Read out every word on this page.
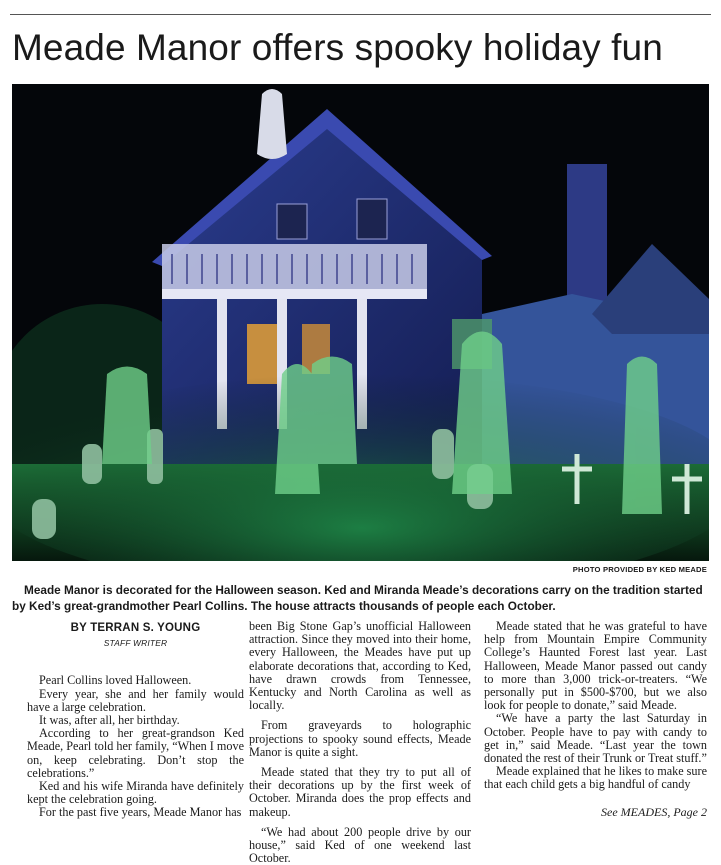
Meade Manor offers spooky holiday fun
PHOTO PROVIDED BY KED MEADE
Meade Manor is decorated for the Halloween season. Ked and Miranda Meade’s decorations carry on the tradition started by Ked’s great-grandmother Pearl Collins. The house attracts thousands of people each October.
BY TERRAN S. YOUNG
STAFF WRITER

Pearl Collins loved Halloween.

Every year, she and her family would have a large celebration.

It was, after all, her birthday.

According to her great-grandson Ked Meade, Pearl told her family, “When I move on, keep celebrating. Don’t stop the celebrations.”

Ked and his wife Miranda have definitely kept the celebration going.

For the past five years, Meade Manor has

been Big Stone Gap’s unofficial Halloween attraction. Since they moved into their home, every Halloween, the Meades have put up elaborate decorations that, according to Ked, have drawn crowds from Tennessee, Kentucky and North Carolina as well as locally.

From graveyards to holographic projections to spooky sound effects, Meade Manor is quite a sight.

Meade stated that they try to put all of their decorations up by the first week of October. Miranda does the prop effects and makeup.

“We had about 200 people drive by our house,” said Ked of one weekend last October.

Meade stated that he was grateful to have help from Mountain Empire Community College’s Haunted Forest last year. Last Halloween, Meade Manor passed out candy to more than 3,000 trick-or-treaters. “We personally put in $500-$700, but we also look for people to donate,” said Meade.

“We have a party the last Saturday in October. People have to pay with candy to get in,” said Meade. “Last year the town donated the rest of their Trunk or Treat stuff.”

Meade explained that he likes to make sure that each child gets a big handful of candy

See MEADES, Page 2
